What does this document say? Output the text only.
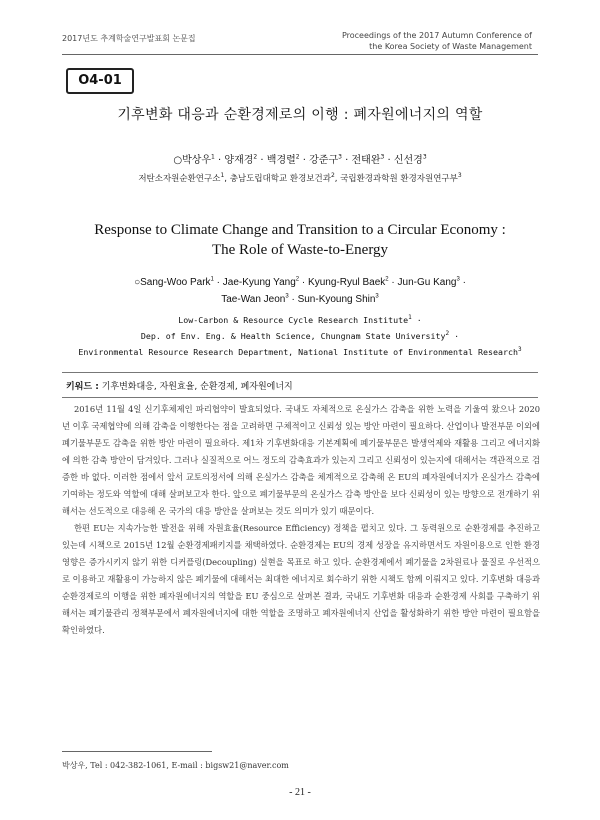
2017년도 추계학술연구발표회 논문집	Proceedings of the 2017 Autumn Conference of
the Korea Society of Waste Management
O4-01
기후변화 대응과 순환경제로의 이행 : 폐자원에너지의 역할
○박상우$^1$ · 양재경$^2$ · 백경렬$^2$ · 강준구$^3$ · 전태완$^3$ · 신선경$^3$
저탄소자원순환연구소$^1$, 충남도립대학교 환경보건과$^2$, 국립환경과학원 환경자원연구부$^3$
Response to Climate Change and Transition to a Circular Economy :
The Role of Waste-to-Energy
○Sang-Woo Park$^1$ · Jae-Kyung Yang$^2$ · Kyung-Ryul Baek$^2$ · Jun-Gu Kang$^3$ ·
Tae-Wan Jeon$^3$ · Sun-Kyoung Shin$^3$
Low-Carbon & Resource Cycle Research Institute$^1$ ·
Dep. of Env. Eng. & Health Science, Chungnam State University$^2$ ·
Environmental Resource Research Department, National Institute of Environmental Research$^3$
키워드 : 기후변화대응, 자원효율, 순환경제, 폐자원에너지

2016년 11월 4일 신기후체제인 파리협약이 발효되었다. 국내도 자체적으로 온실가스 감축을 위한 노력을 기울여 왔으나 2020년 이후 국제협약에 의해 감축을 이행한다는 점을 고려하면 구체적이고 신뢰성 있는 방안 마련이 필요하다. 산업이나 발전부문 이외에 폐기물부문도 감축을 위한 방안 마련이 필요하다. 제1차 기후변화대응 기본계획에 폐기물부문은 발생억제와 재활용 그리고 에너지화에 의한 감축 방안이 담겨있다. 그러나 실질적으로 어느 정도의 감축효과가 있는지 그리고 신뢰성이 있는지에 대해서는 객관적으로 검증한 바 없다. 이러한 점에서 앞서 교토의정서에 의해 온실가스 감축을 체계적으로 감축해 온 EU의 폐자원에너지가 온실가스 감축에 기여하는 정도와 역할에 대해 살펴보고자 한다. 앞으로 폐기물부문의 온실가스 감축 방안을 보다 신뢰성이 있는 방향으로 전개하기 위해서는 선도적으로 대응해 온 국가의 대응 방안을 살펴보는 것도 의미가 있기 때문이다.

한편 EU는 지속가능한 발전을 위해 자원효율(Resource Efficiency) 정책을 펼치고 있다. 그 동력원으로 순환경제를 추진하고 있는데 시책으로 2015년 12월 순환경제패키지를 채택하였다. 순환경제는 EU의 경제 성장을 유지하면서도 자원이용으로 인한 환경영향은 증가시키지 않기 위한 디커플링(Decoupling) 실현을 목표로 하고 있다. 순환경제에서 폐기물을 2차원료나 물질로 우선적으로 이용하고 재활용이 가능하지 않은 폐기물에 대해서는 최대한 에너지로 회수하기 위한 시책도 함께 이뤄지고 있다. 기후변화 대응과 순환경제로의 이행을 위한 폐자원에너지의 역할을 EU 중심으로 살펴본 결과, 국내도 기후변화 대응과 순환경제 사회를 구축하기 위해서는 폐기물관리 정책부문에서 폐자원에너지에 대한 역할을 조명하고 폐자원에너지 산업을 활성화하기 위한 방안 마련이 필요함을 확인하였다.

박상우, Tel : 042-382-1061, E-mail : bigsw21@naver.com
- 21 -
